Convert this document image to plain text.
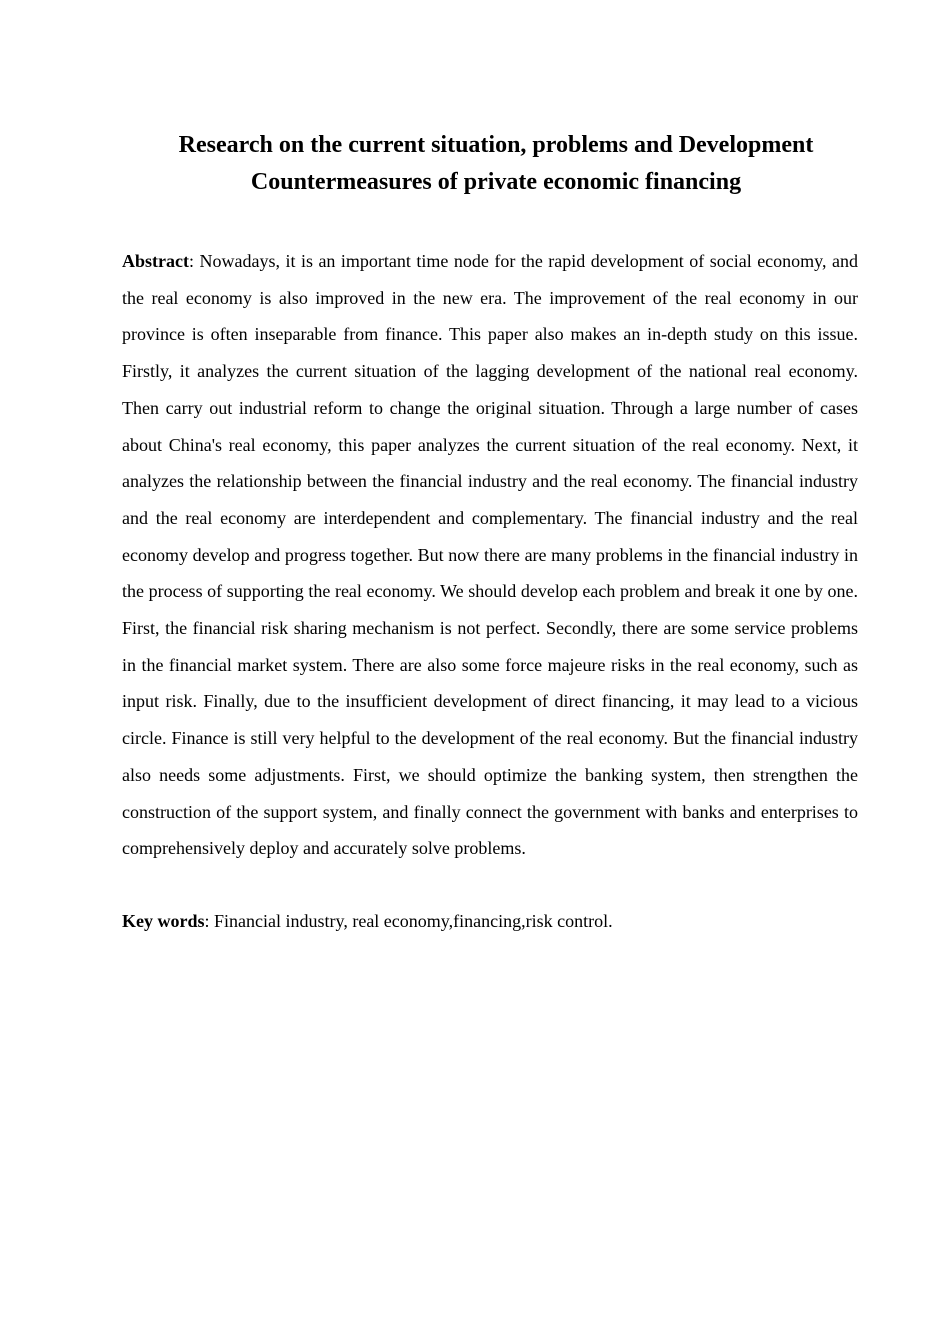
Research on the current situation, problems and Development
Countermeasures of private economic financing

Abstract: Nowadays, it is an important time node for the rapid development of social economy, and the real economy is also improved in the new era. The improvement of the real economy in our province is often inseparable from finance. This paper also makes an in-depth study on this issue. Firstly, it analyzes the current situation of the lagging development of the national real economy. Then carry out industrial reform to change the original situation. Through a large number of cases about China's real economy, this paper analyzes the current situation of the real economy. Next, it analyzes the relationship between the financial industry and the real economy. The financial industry and the real economy are interdependent and complementary. The financial industry and the real economy develop and progress together. But now there are many problems in the financial industry in the process of supporting the real economy. We should develop each problem and break it one by one. First, the financial risk sharing mechanism is not perfect. Secondly, there are some service problems in the financial market system. There are also some force majeure risks in the real economy, such as input risk. Finally, due to the insufficient development of direct financing, it may lead to a vicious circle. Finance is still very helpful to the development of the real economy. But the financial industry also needs some adjustments. First, we should optimize the banking system, then strengthen the construction of the support system, and finally connect the government with banks and enterprises to comprehensively deploy and accurately solve problems.

Key words: Financial industry, real economy,financing,risk control.
